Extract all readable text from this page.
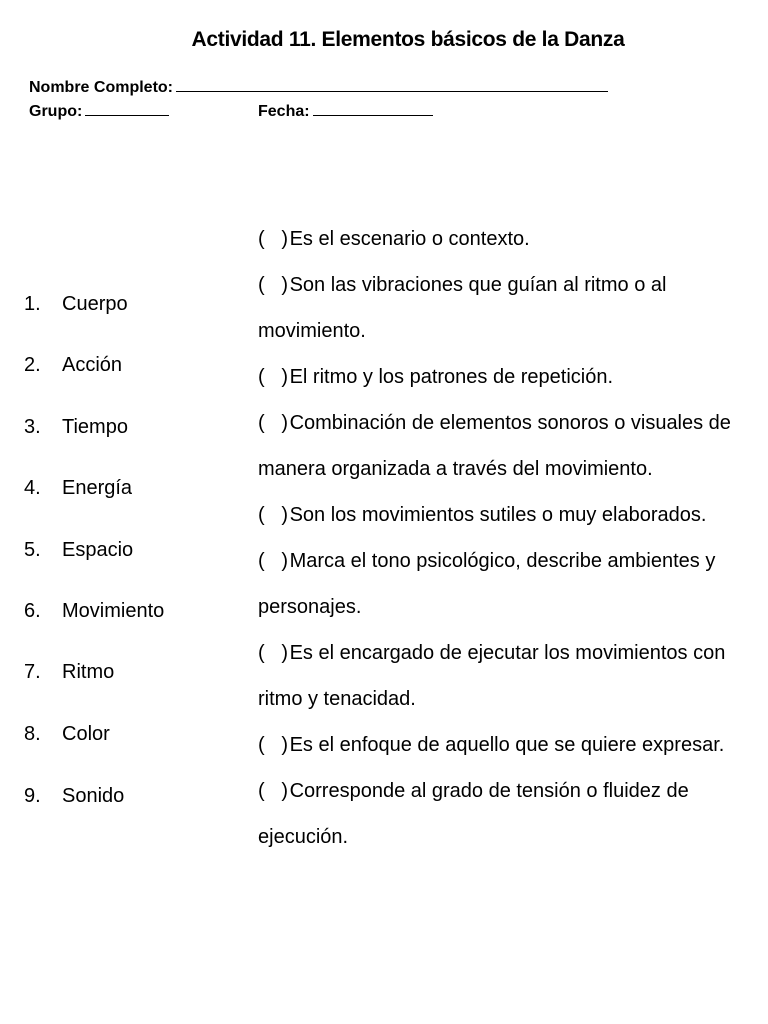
Actividad 11. Elementos básicos de la Danza
Nombre Completo:
Grupo:	Fecha:
1. Cuerpo
2. Acción
3. Tiempo
4. Energía
5. Espacio
6. Movimiento
7. Ritmo
8. Color
9. Sonido

(   ) Es el escenario o contexto.

(   ) Son las vibraciones que guían al ritmo o al movimiento.

(   ) El ritmo y los patrones de repetición.

(   ) Combinación de elementos sonoros o visuales de manera organizada a través del movimiento.

(   ) Son los movimientos sutiles o muy elaborados.

(   ) Marca el tono psicológico, describe ambientes y personajes.

(   ) Es el encargado de ejecutar los movimientos con ritmo y tenacidad.

(   ) Es el enfoque de aquello que se quiere expresar.

(   ) Corresponde al grado de tensión o fluidez de ejecución.
